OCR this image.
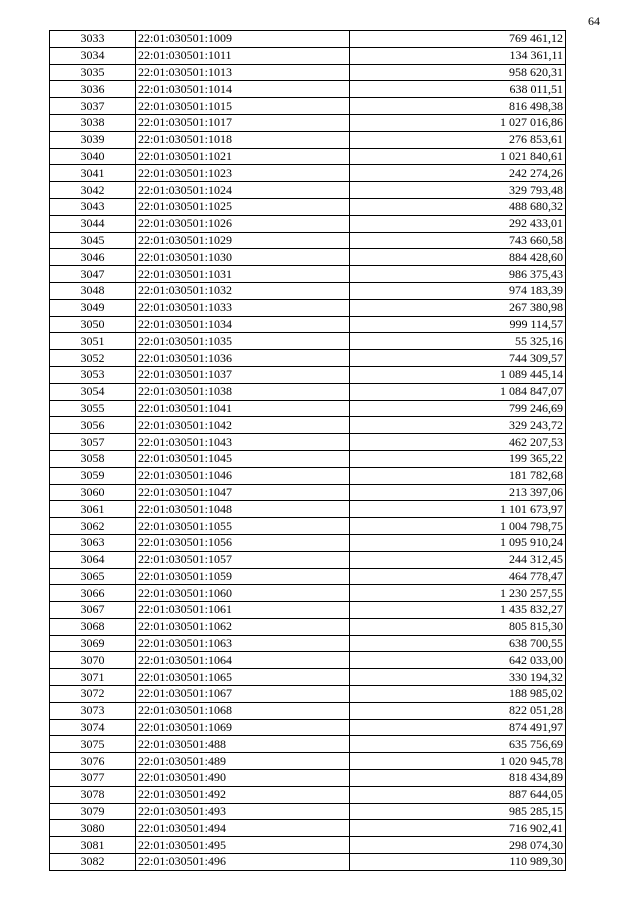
64
3033	22:01:030501:1009	769 461,12
3034	22:01:030501:1011	134 361,11
3035	22:01:030501:1013	958 620,31
3036	22:01:030501:1014	638 011,51
3037	22:01:030501:1015	816 498,38
3038	22:01:030501:1017	1 027 016,86
3039	22:01:030501:1018	276 853,61
3040	22:01:030501:1021	1 021 840,61
3041	22:01:030501:1023	242 274,26
3042	22:01:030501:1024	329 793,48
3043	22:01:030501:1025	488 680,32
3044	22:01:030501:1026	292 433,01
3045	22:01:030501:1029	743 660,58
3046	22:01:030501:1030	884 428,60
3047	22:01:030501:1031	986 375,43
3048	22:01:030501:1032	974 183,39
3049	22:01:030501:1033	267 380,98
3050	22:01:030501:1034	999 114,57
3051	22:01:030501:1035	55 325,16
3052	22:01:030501:1036	744 309,57
3053	22:01:030501:1037	1 089 445,14
3054	22:01:030501:1038	1 084 847,07
3055	22:01:030501:1041	799 246,69
3056	22:01:030501:1042	329 243,72
3057	22:01:030501:1043	462 207,53
3058	22:01:030501:1045	199 365,22
3059	22:01:030501:1046	181 782,68
3060	22:01:030501:1047	213 397,06
3061	22:01:030501:1048	1 101 673,97
3062	22:01:030501:1055	1 004 798,75
3063	22:01:030501:1056	1 095 910,24
3064	22:01:030501:1057	244 312,45
3065	22:01:030501:1059	464 778,47
3066	22:01:030501:1060	1 230 257,55
3067	22:01:030501:1061	1 435 832,27
3068	22:01:030501:1062	805 815,30
3069	22:01:030501:1063	638 700,55
3070	22:01:030501:1064	642 033,00
3071	22:01:030501:1065	330 194,32
3072	22:01:030501:1067	188 985,02
3073	22:01:030501:1068	822 051,28
3074	22:01:030501:1069	874 491,97
3075	22:01:030501:488	635 756,69
3076	22:01:030501:489	1 020 945,78
3077	22:01:030501:490	818 434,89
3078	22:01:030501:492	887 644,05
3079	22:01:030501:493	985 285,15
3080	22:01:030501:494	716 902,41
3081	22:01:030501:495	298 074,30
3082	22:01:030501:496	110 989,30
